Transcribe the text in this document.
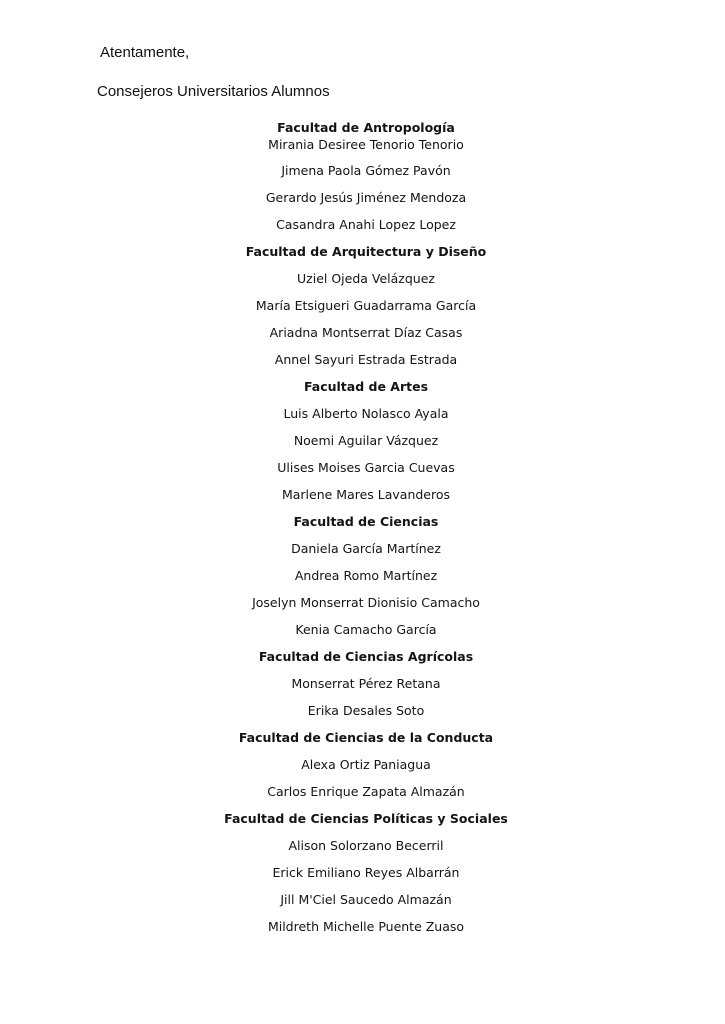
Atentamente,

Consejeros Universitarios Alumnos

Facultad de Antropología
Mirania Desiree Tenorio Tenorio
Jimena Paola Gómez Pavón
Gerardo Jesús Jiménez Mendoza
Casandra Anahi Lopez Lopez
Facultad de Arquitectura y Diseño
Uziel Ojeda Velázquez
María Etsigueri Guadarrama García
Ariadna Montserrat Díaz Casas
Annel Sayuri Estrada Estrada
Facultad de Artes
Luis Alberto Nolasco Ayala
Noemi Aguilar Vázquez
Ulises Moises Garcia Cuevas
Marlene Mares Lavanderos
Facultad de Ciencias
Daniela García Martínez
Andrea Romo Martínez
Joselyn Monserrat Dionisio Camacho
Kenia Camacho García
Facultad de Ciencias Agrícolas
Monserrat Pérez Retana
Erika Desales Soto
Facultad de Ciencias de la Conducta
Alexa Ortiz Paniagua
Carlos Enrique Zapata Almazán
Facultad de Ciencias Políticas y Sociales
Alison Solorzano Becerril
Erick Emiliano Reyes Albarrán
Jill M'Ciel Saucedo Almazán
Mildreth Michelle Puente Zuaso
